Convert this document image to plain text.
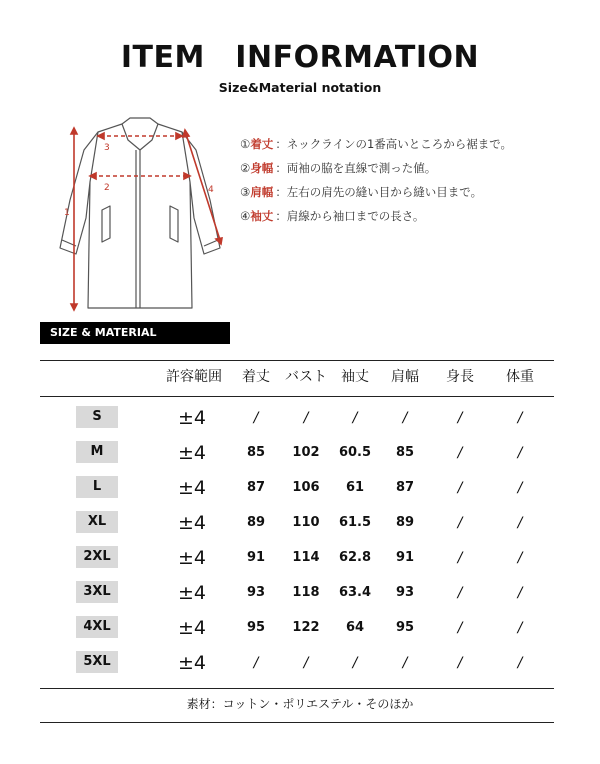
ITEM　INFORMATION
Size&Material notation
3
2
1
4
①着丈 ：ネックラインの1番高いところから裾まで。
②身幅 ：両袖の脇を直線で測った値。
③肩幅 ：左右の肩先の縫い目から縫い目まで。
④袖丈 ：肩線から袖口までの長さ。
SIZE & MATERIAL
許容範囲 着丈 バスト 袖丈 肩幅 身長 体重
S	±4	/	/	/	/	/	/
M	±4	85 102 60.5 85	/	/
L	±4	87 106 61 87	/	/
XL	±4	89 110 61.5 89	/	/
2XL	±4	91 114 62.8 91	/	/
3XL	±4	93 118 63.4 93	/	/
4XL	±4	95 122 64 95	/	/
5XL	±4	/	/	/	/	/	/
素材：コットン・ポリエステル・そのほか
